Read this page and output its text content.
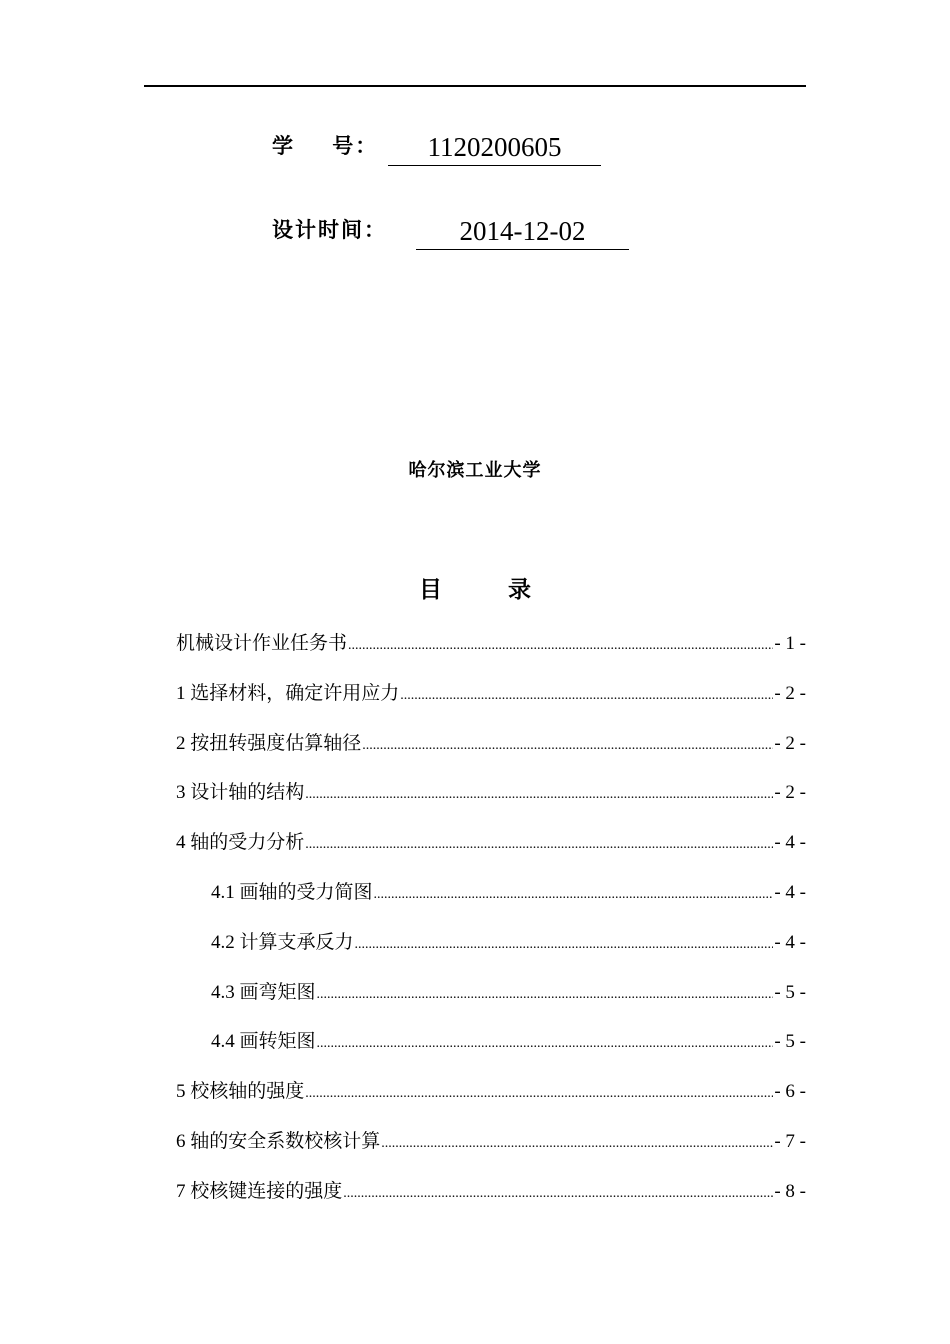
学    号：	1120200605
设计时间：	2014-12-02
哈尔滨工业大学
目	录
机械设计作业任务书 .....	- 1 -
1 选择材料，确定许用应力 .....	- 2 -
2 按扭转强度估算轴径 .....	- 2 -
3 设计轴的结构 .....	- 2 -
4 轴的受力分析 .....	- 4 -
4.1 画轴的受力简图 .....	- 4 -
4.2 计算支承反力 .....	- 4 -
4.3 画弯矩图 .....	- 5 -
4.4 画转矩图 .....	- 5 -
5 校核轴的强度 .....	- 6 -
6 轴的安全系数校核计算 .....	- 7 -
7 校核键连接的强度 .....	- 8 -
